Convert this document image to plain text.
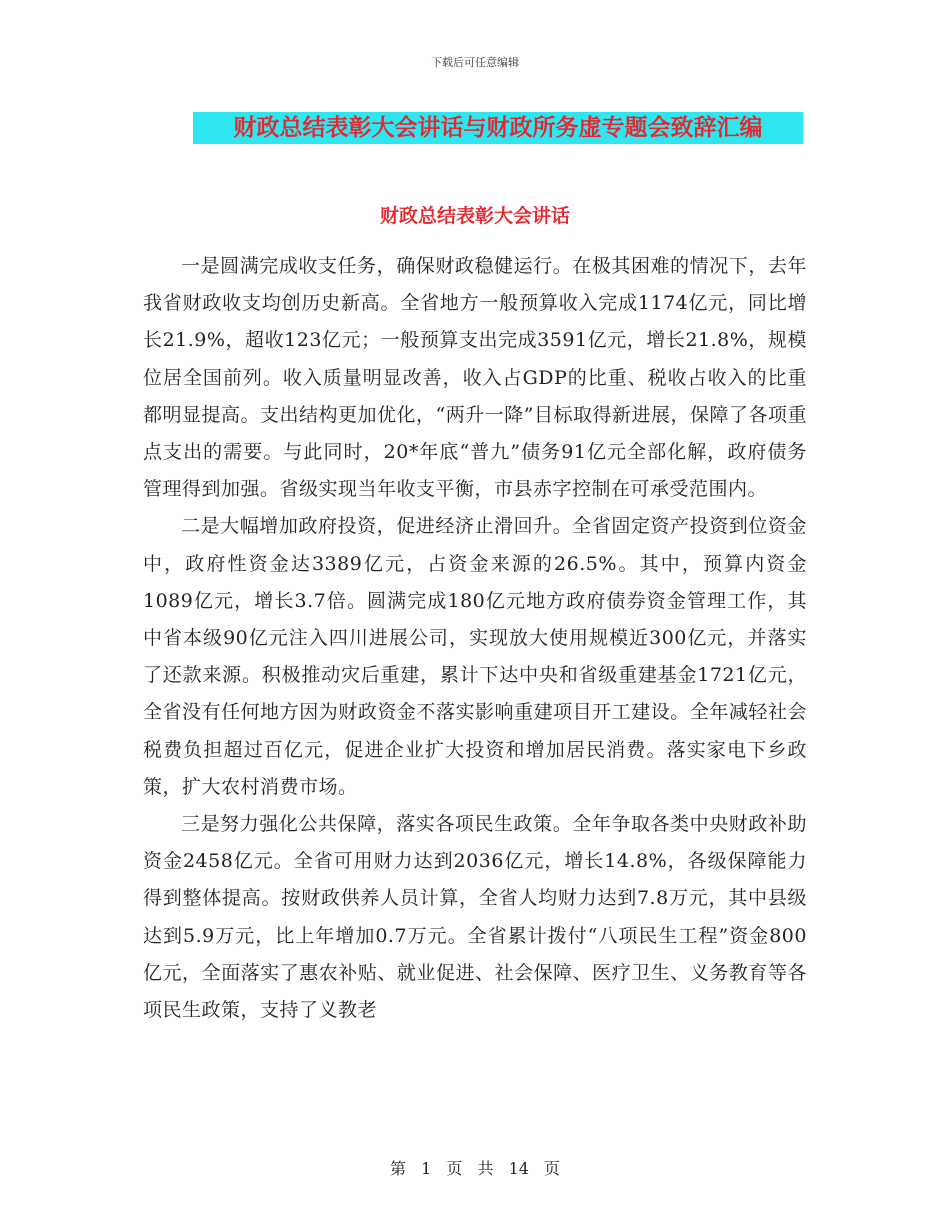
下载后可任意编辑
财政总结表彰大会讲话与财政所务虚专题会致辞汇编
财政总结表彰大会讲话

一是圆满完成收支任务，确保财政稳健运行。在极其困难的情况下，去年我省财政收支均创历史新高。全省地方一般预算收入完成1174亿元，同比增长21.9%，超收123亿元；一般预算支出完成3591亿元，增长21.8%，规模位居全国前列。收入质量明显改善，收入占GDP的比重、税收占收入的比重都明显提高。支出结构更加优化，“两升一降”目标取得新进展，保障了各项重点支出的需要。与此同时，20*年底“普九”债务91亿元全部化解，政府债务管理得到加强。省级实现当年收支平衡，市县赤字控制在可承受范围内。

二是大幅增加政府投资，促进经济止滑回升。全省固定资产投资到位资金中，政府性资金达3389亿元，占资金来源的26.5%。其中，预算内资金1089亿元，增长3.7倍。圆满完成180亿元地方政府债券资金管理工作，其中省本级90亿元注入四川进展公司，实现放大使用规模近300亿元，并落实了还款来源。积极推动灾后重建，累计下达中央和省级重建基金1721亿元，全省没有任何地方因为财政资金不落实影响重建项目开工建设。全年减轻社会税费负担超过百亿元，促进企业扩大投资和增加居民消费。落实家电下乡政策，扩大农村消费市场。

三是努力强化公共保障，落实各项民生政策。全年争取各类中央财政补助资金2458亿元。全省可用财力达到2036亿元，增长14.8%，各级保障能力得到整体提高。按财政供养人员计算，全省人均财力达到7.8万元，其中县级达到5.9万元，比上年增加0.7万元。全省累计拨付“八项民生工程”资金800亿元，全面落实了惠农补贴、就业促进、社会保障、医疗卫生、义务教育等各项民生政策，支持了义教老

第 1 页 共 14 页
